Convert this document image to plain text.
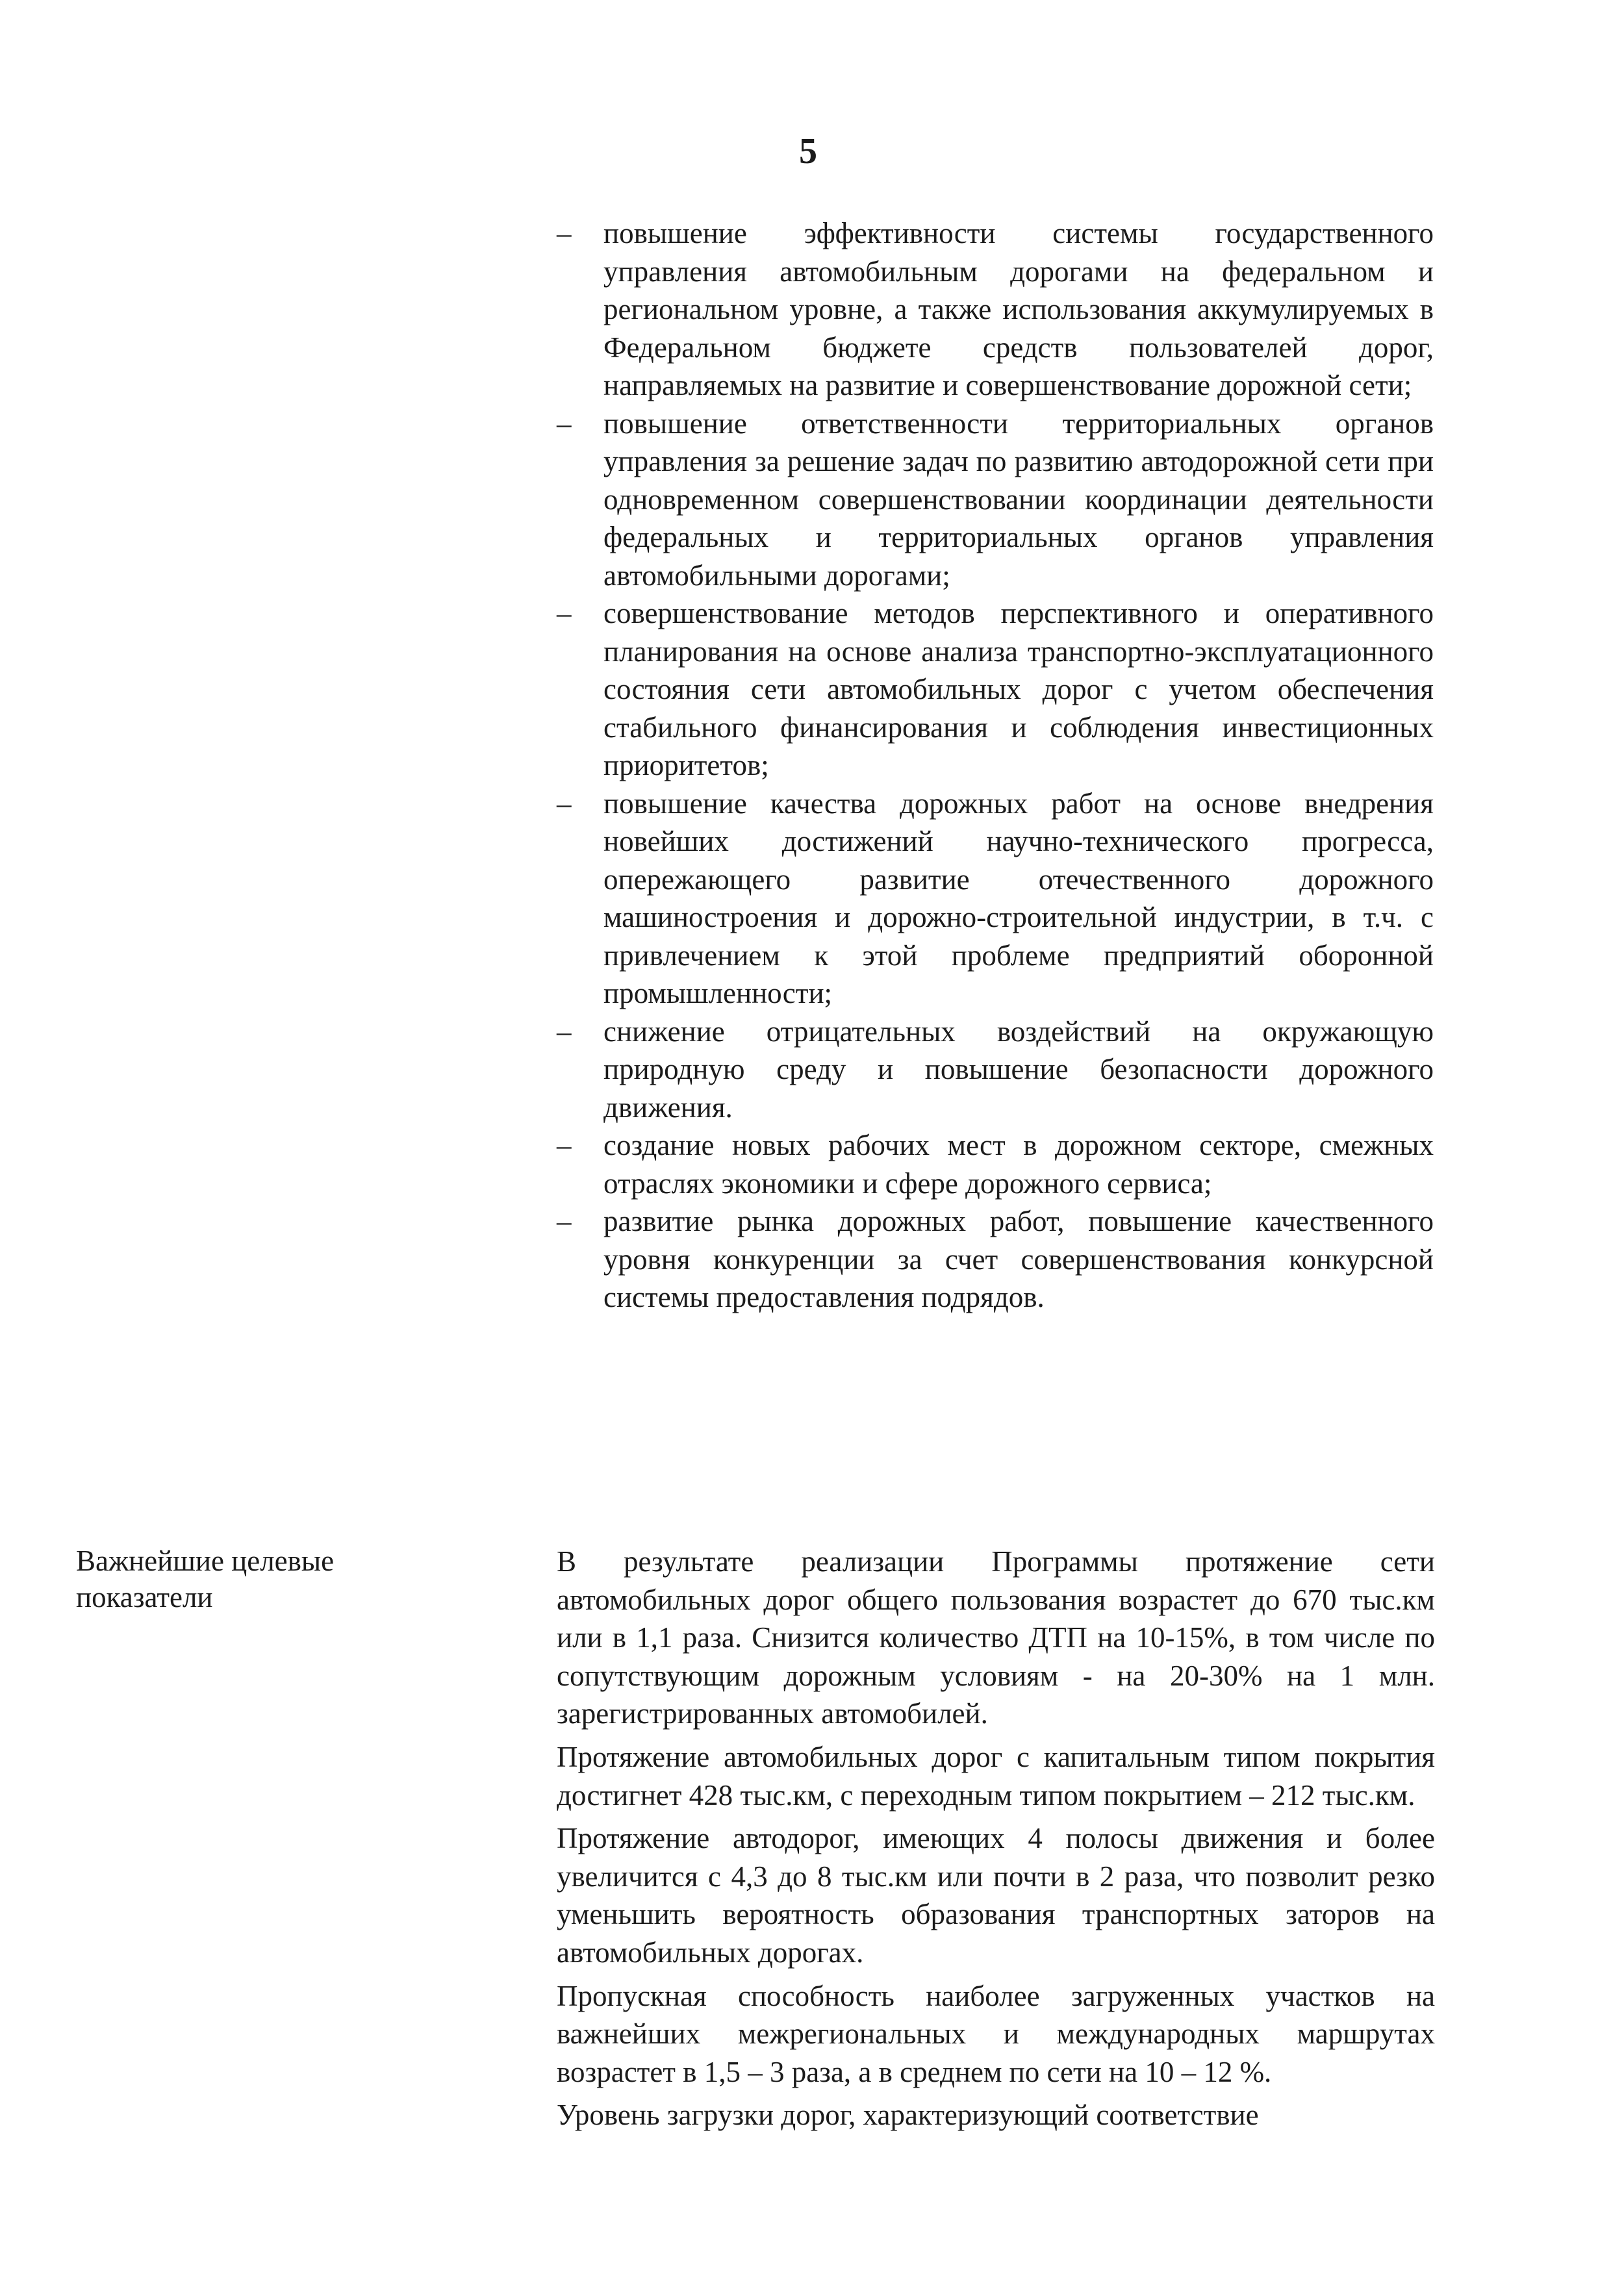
5
– повышение эффективности системы государственного управления автомобильным дорогами на федеральном и региональном уровне, а также использования аккумулируемых в Федеральном бюджете средств пользователей дорог, направляемых на развитие и совершенствование дорожной сети;
– повышение ответственности территориальных органов управления за решение задач по развитию автодорожной сети при одновременном совершенствовании координации деятельности федеральных и территориальных органов управления автомобильными дорогами;
– совершенствование методов перспективного и оперативного планирования на основе анализа транспортно-эксплуатационного состояния сети автомобильных дорог с учетом обеспечения стабильного финансирования и соблюдения инвестиционных приоритетов;
– повышение качества дорожных работ на основе внедрения новейших достижений научно-технического прогресса, опережающего развитие отечественного дорожного машиностроения и дорожно-строительной индустрии, в т.ч. с привлечением к этой проблеме предприятий оборонной промышленности;
– снижение отрицательных воздействий на окружающую природную среду и повышение безопасности дорожного движения.
– создание новых рабочих мест в дорожном секторе, смежных отраслях экономики и сфере дорожного сервиса;
– развитие рынка дорожных работ, повышение качественного уровня конкуренции за счет совершенствования конкурсной системы предоставления подрядов.
Важнейшие целевые
показатели

В результате реализации Программы протяжение сети автомобильных дорог общего пользования возрастет до 670 тыс.км или в 1,1 раза. Снизится количество ДТП на 10-15%, в том числе по сопутствующим дорожным условиям - на 20-30% на 1 млн. зарегистрированных автомобилей.

Протяжение автомобильных дорог с капитальным типом покрытия достигнет 428 тыс.км, с переходным типом покрытием – 212 тыс.км.

Протяжение автодорог, имеющих 4 полосы движения и более увеличится с 4,3 до 8 тыс.км или почти в 2 раза, что позволит резко уменьшить вероятность образования транспортных заторов на автомобильных дорогах.

Пропускная способность наиболее загруженных участков на важнейших межрегиональных и международных маршрутах возрастет в 1,5 – 3 раза, а в среднем по сети на 10 – 12 %.

Уровень загрузки дорог, характеризующий соответствие
